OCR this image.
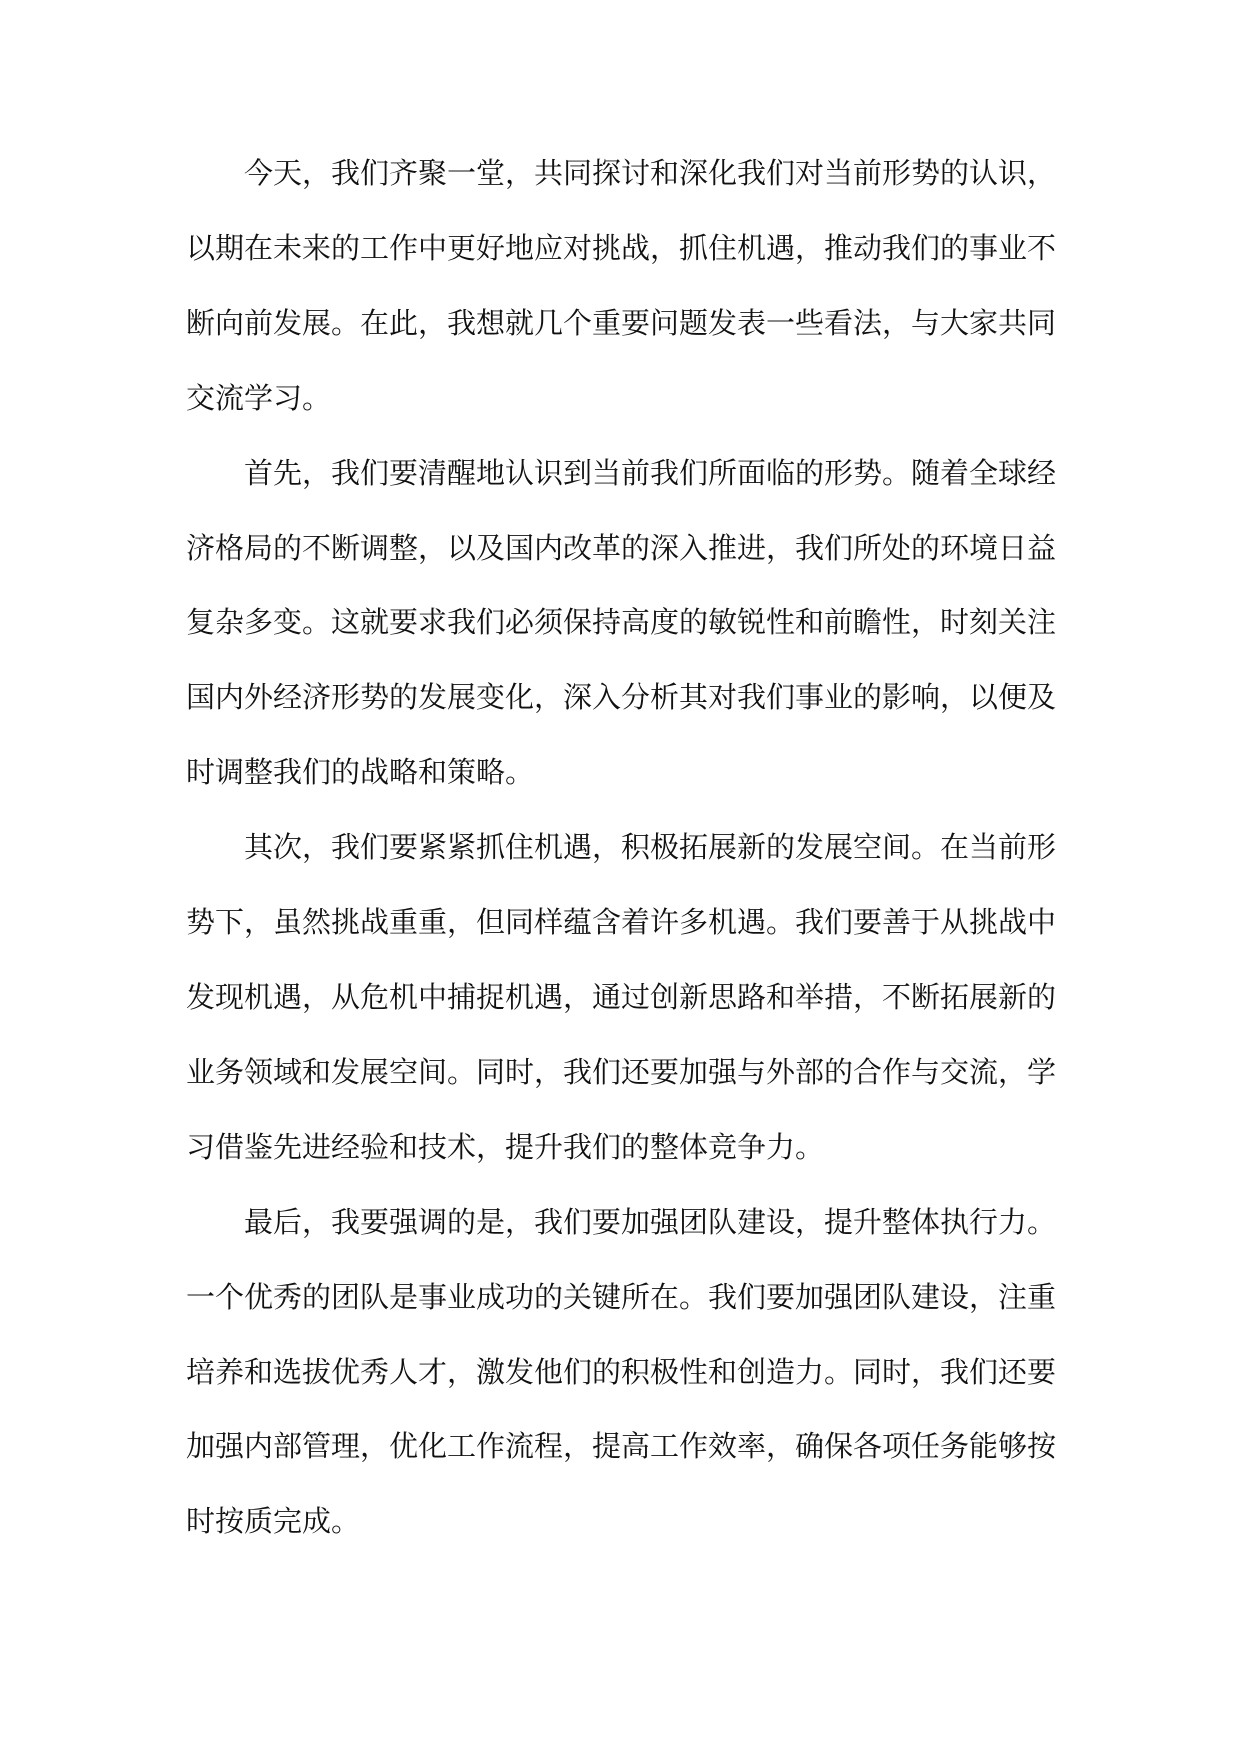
今天，我们齐聚一堂，共同探讨和深化我们对当前形势的认识，以期在未来的工作中更好地应对挑战，抓住机遇，推动我们的事业不断向前发展。在此，我想就几个重要问题发表一些看法，与大家共同交流学习。

首先，我们要清醒地认识到当前我们所面临的形势。随着全球经济格局的不断调整，以及国内改革的深入推进，我们所处的环境日益复杂多变。这就要求我们必须保持高度的敏锐性和前瞻性，时刻关注国内外经济形势的发展变化，深入分析其对我们事业的影响，以便及时调整我们的战略和策略。

其次，我们要紧紧抓住机遇，积极拓展新的发展空间。在当前形势下，虽然挑战重重，但同样蕴含着许多机遇。我们要善于从挑战中发现机遇，从危机中捕捉机遇，通过创新思路和举措，不断拓展新的业务领域和发展空间。同时，我们还要加强与外部的合作与交流，学习借鉴先进经验和技术，提升我们的整体竞争力。

最后，我要强调的是，我们要加强团队建设，提升整体执行力。一个优秀的团队是事业成功的关键所在。我们要加强团队建设，注重培养和选拔优秀人才，激发他们的积极性和创造力。同时，我们还要加强内部管理，优化工作流程，提高工作效率，确保各项任务能够按时按质完成。
